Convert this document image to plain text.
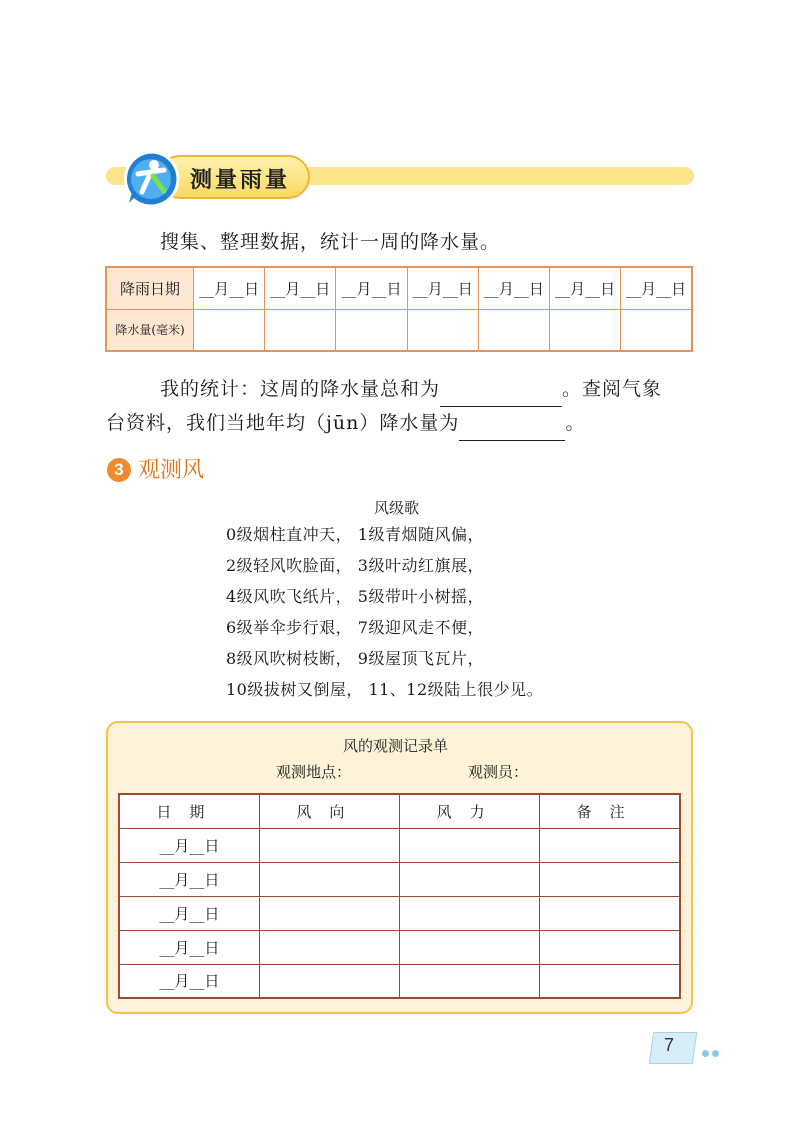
测量雨量
搜集、整理数据，统计一周的降水量。
降雨日期	__月__日	__月__日	__月__日	__月__日	__月__日	__月__日	__月__日
降水量(毫米)							
我的统计：这周的降水量总和为	。查阅气象
台资料，我们当地年均（jūn）降水量为	。
3 观测风
风级歌
0级烟柱直冲天， 1级青烟随风偏，
2级轻风吹脸面， 3级叶动红旗展，
4级风吹飞纸片， 5级带叶小树摇，
6级举伞步行艰， 7级迎风走不便，
8级风吹树枝断， 9级屋顶飞瓦片，
10级拔树又倒屋， 11、12级陆上很少见。
风的观测记录单
观测地点：	观测员：
日期	风向	风力	备注
__月__日			
__月__日			
__月__日			
__月__日			
__月__日			
7
